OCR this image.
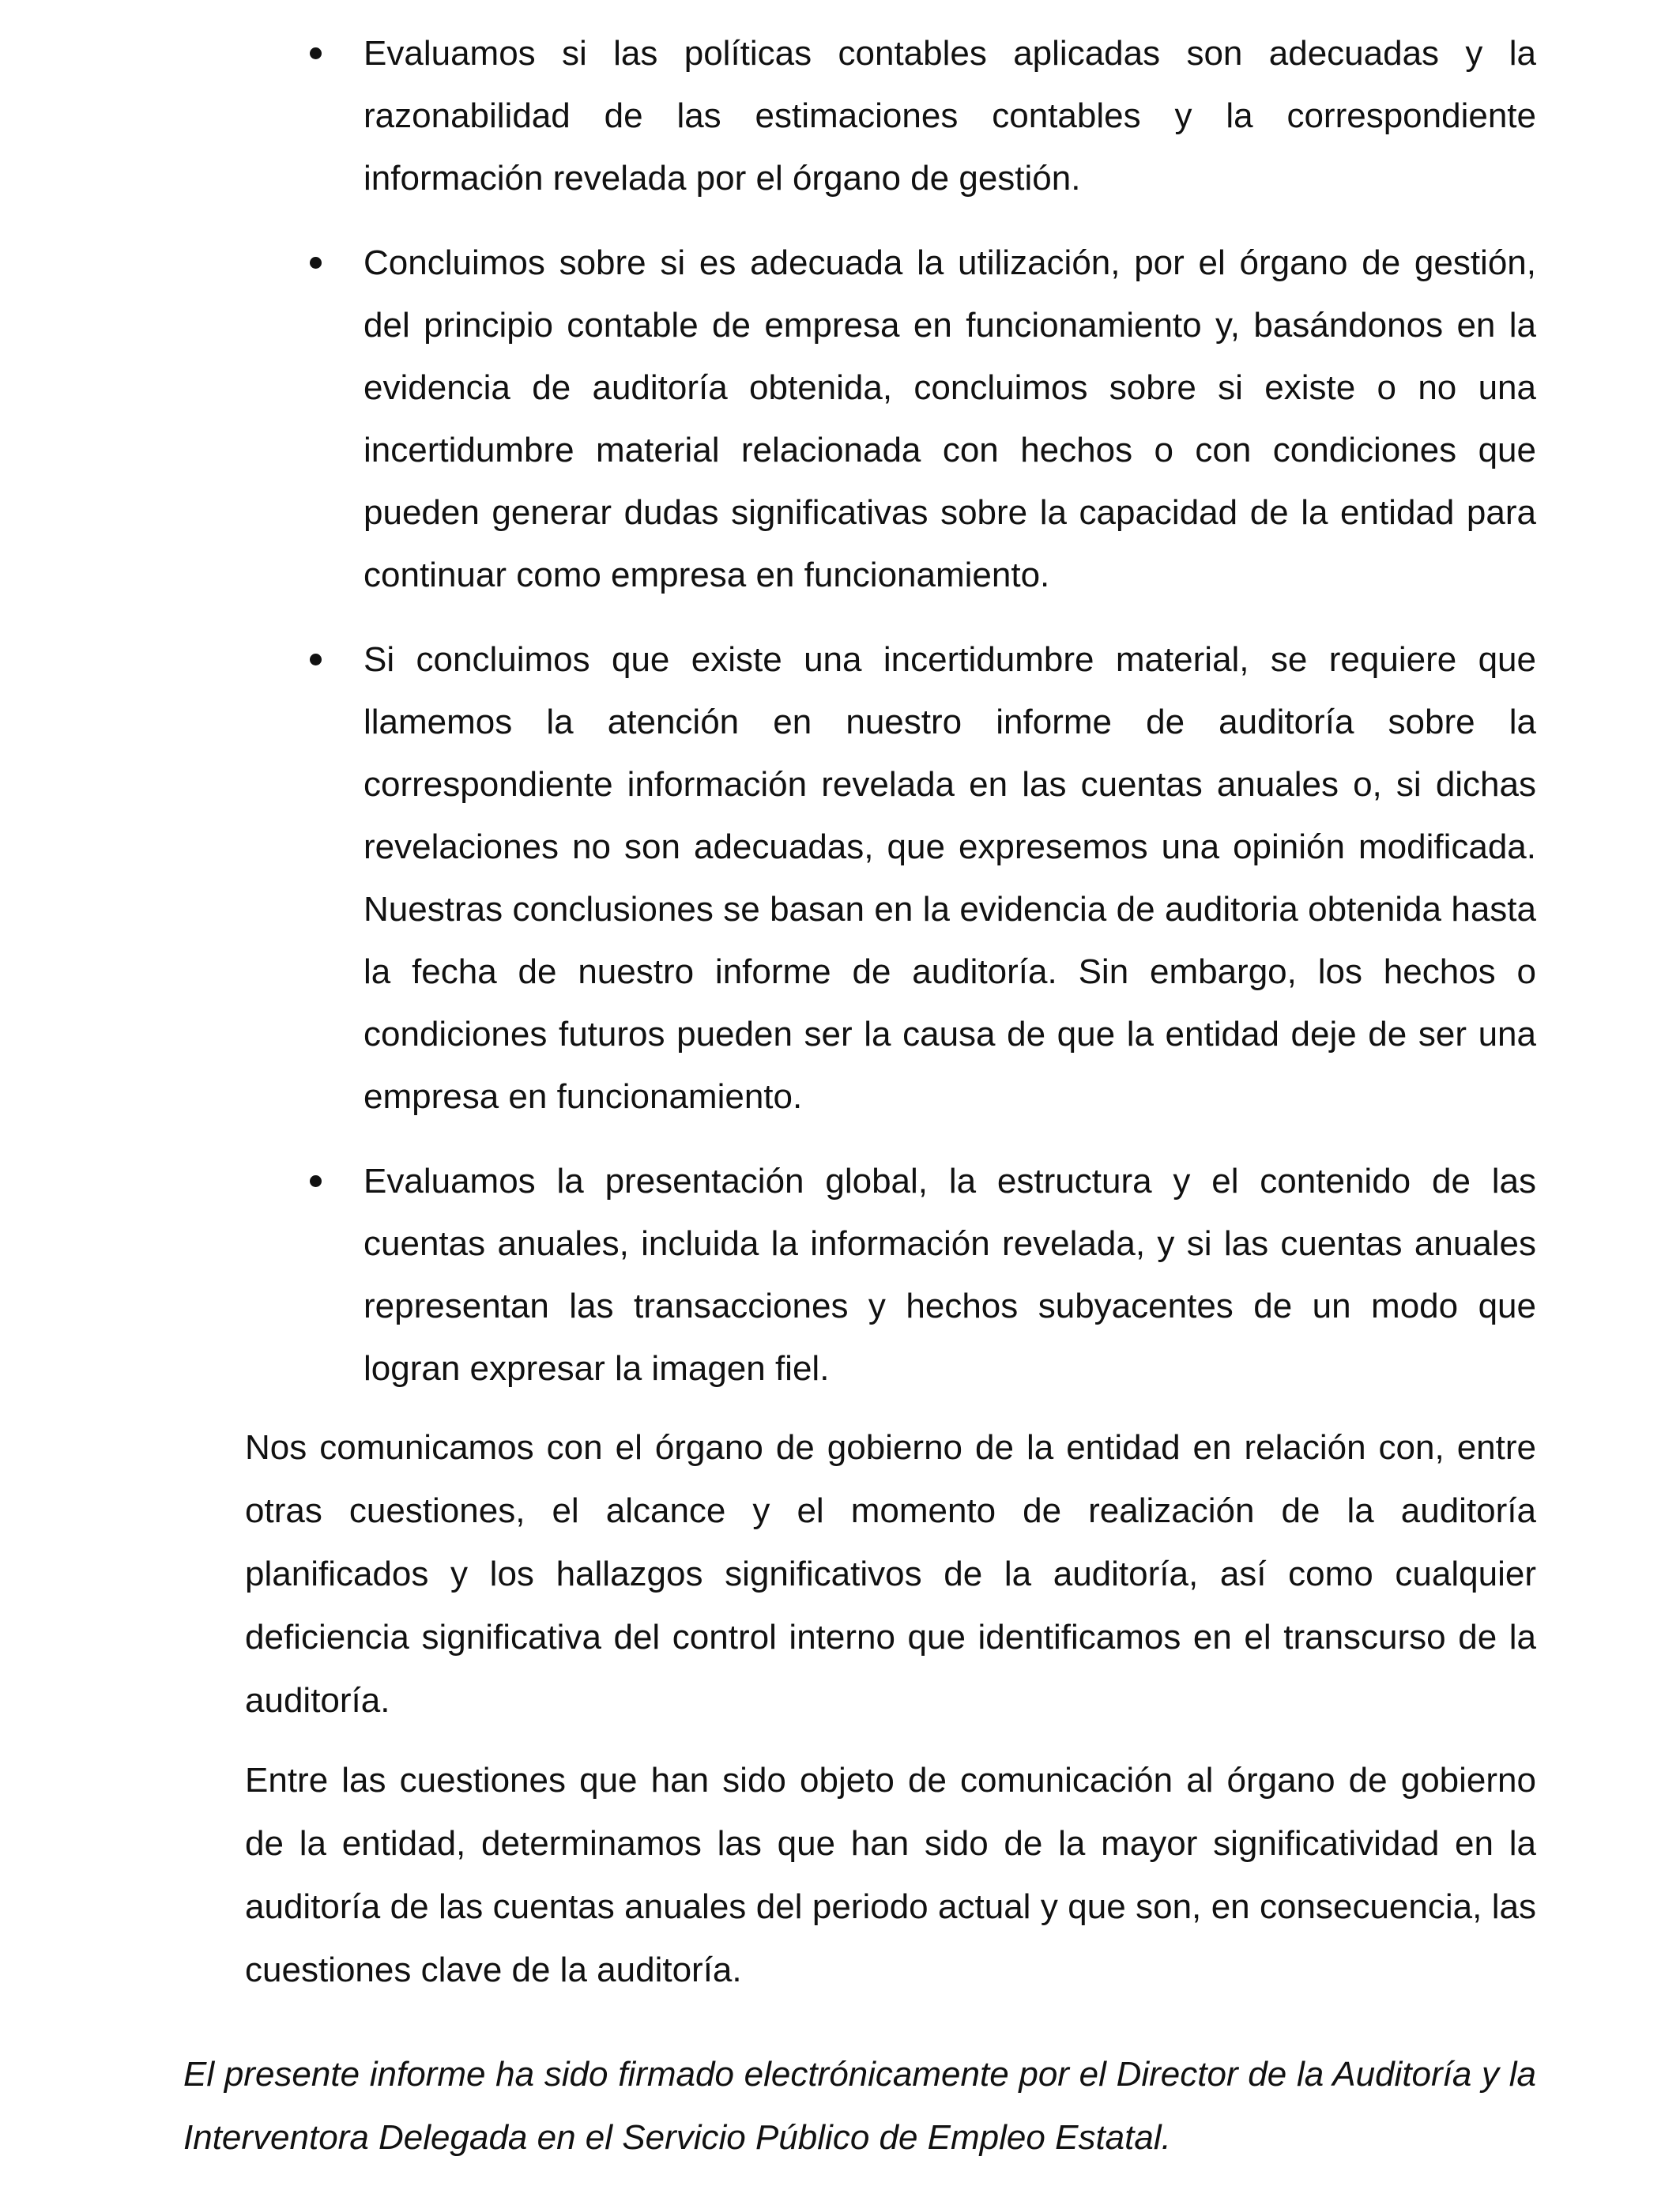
Evaluamos si las políticas contables aplicadas son adecuadas y la razonabilidad de las estimaciones contables y la correspondiente información revelada por el órgano de gestión.
Concluimos sobre si es adecuada la utilización, por el órgano de gestión, del principio contable de empresa en funcionamiento y, basándonos en la evidencia de auditoría obtenida, concluimos sobre si existe o no una incertidumbre material relacionada con hechos o con condiciones que pueden generar dudas significativas sobre la capacidad de la entidad para continuar como empresa en funcionamiento.
Si concluimos que existe una incertidumbre material, se requiere que llamemos la atención en nuestro informe de auditoría sobre la correspondiente información revelada en las cuentas anuales o, si dichas revelaciones no son adecuadas, que expresemos una opinión modificada. Nuestras conclusiones se basan en la evidencia de auditoria obtenida hasta la fecha de nuestro informe de auditoría. Sin embargo, los hechos o condiciones futuros pueden ser la causa de que la entidad deje de ser una empresa en funcionamiento.
Evaluamos la presentación global, la estructura y el contenido de las cuentas anuales, incluida la información revelada, y si las cuentas anuales representan las transacciones y hechos subyacentes de un modo que logran expresar la imagen fiel.

Nos comunicamos con el órgano de gobierno de la entidad en relación con, entre otras cuestiones, el alcance y el momento de realización de la auditoría planificados y los hallazgos significativos de la auditoría, así como cualquier deficiencia significativa del control interno que identificamos en el transcurso de la auditoría.

Entre las cuestiones que han sido objeto de comunicación al órgano de gobierno de la entidad, determinamos las que han sido de la mayor significatividad en la auditoría de las cuentas anuales del periodo actual y que son, en consecuencia, las cuestiones clave de la auditoría.

El presente informe ha sido firmado electrónicamente por el Director de la Auditoría y la Interventora Delegada en el Servicio Público de Empleo Estatal.
